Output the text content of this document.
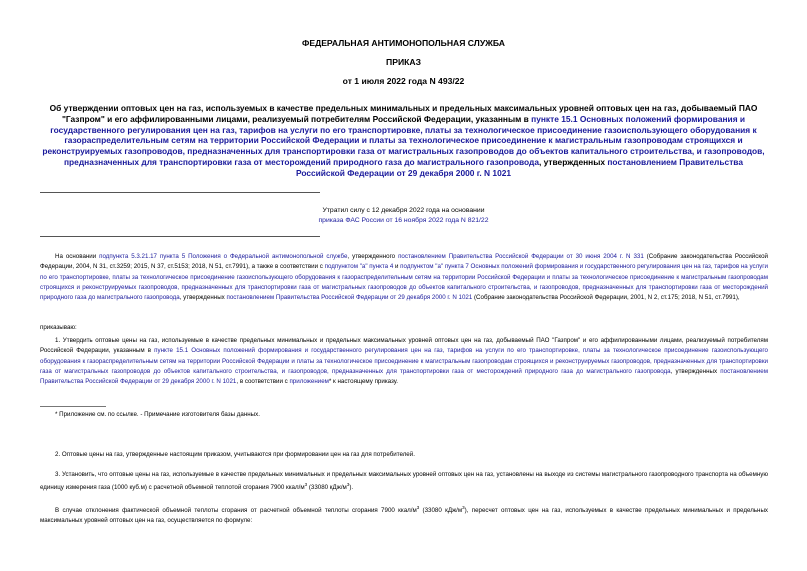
ФЕДЕРАЛЬНАЯ АНТИМОНОПОЛЬНАЯ СЛУЖБА
ПРИКАЗ
от 1 июля 2022 года N 493/22
Об утверждении оптовых цен на газ, используемых в качестве предельных минимальных и предельных максимальных уровней оптовых цен на газ, добываемый ПАО "Газпром" и его аффилированными лицами, реализуемый потребителям Российской Федерации, указанным в пункте 15.1 Основных положений формирования и государственного регулирования цен на газ, тарифов на услуги по его транспортировке, платы за технологическое присоединение газоиспользующего оборудования к газораспределительным сетям на территории Российской Федерации и платы за технологическое присоединение к магистральным газопроводам строящихся и реконструируемых газопроводов, предназначенных для транспортировки газа от магистральных газопроводов до объектов капитального строительства, и газопроводов, предназначенных для транспортировки газа от месторождений природного газа до магистрального газопровода, утвержденных постановлением Правительства Российской Федерации от 29 декабря 2000 г. N 1021
Утратил силу с 12 декабря 2022 года на основании
приказа ФАС России от 16 ноября 2022 года N 821/22
На основании подпункта 5.3.21.17 пункта 5 Положения о Федеральной антимонопольной службе, утвержденного постановлением Правительства Российской Федерации от 30 июня 2004 г. N 331 (Собрание законодательства Российской Федерации, 2004, N 31, ст.3259; 2015, N 37, ст.5153; 2018, N 51, ст.7991), а также в соответствии с подпунктом "а" пункта 4 и подпунктом "а" пункта 7 Основных положений формирования и государственного регулирования цен на газ, тарифов на услуги по его транспортировке, платы за технологическое присоединение газоиспользующего оборудования к газораспределительным сетям на территории Российской Федерации и платы за технологическое присоединение к магистральным газопроводам строящихся и реконструируемых газопроводов, предназначенных для транспортировки газа от магистральных газопроводов до объектов капитального строительства, и газопроводов, предназначенных для транспортировки газа от месторождений природного газа до магистрального газопровода, утвержденных постановлением Правительства Российской Федерации от 29 декабря 2000 г. N 1021 (Собрание законодательства Российской Федерации, 2001, N 2, ст.175; 2018, N 51, ст.7991),
приказываю:
1. Утвердить оптовые цены на газ, используемые в качестве предельных минимальных и предельных максимальных уровней оптовых цен на газ, добываемый ПАО "Газпром" и его аффилированными лицами, реализуемый потребителям Российской Федерации, указанным в пункте 15.1 Основных положений формирования и государственного регулирования цен на газ, тарифов на услуги по его транспортировке, платы за технологическое присоединение газоиспользующего оборудования к газораспределительным сетям на территории Российской Федерации и платы за технологическое присоединение к магистральным газопроводам строящихся и реконструируемых газопроводов, предназначенных для транспортировки газа от магистральных газопроводов до объектов капитального строительства, и газопроводов, предназначенных для транспортировки газа от месторождений природного газа до магистрального газопровода, утвержденных постановлением Правительства Российской Федерации от 29 декабря 2000 г. N 1021, в соответствии с приложением* к настоящему приказу.
* Приложение см. по ссылке. - Примечание изготовителя базы данных.
2. Оптовые цены на газ, утвержденные настоящим приказом, учитываются при формировании цен на газ для потребителей.
3. Установить, что оптовые цены на газ, используемые в качестве предельных минимальных и предельных максимальных уровней оптовых цен на газ, установлены на выходе из системы магистрального газопроводного транспорта на объемную единицу измерения газа (1000 куб.м) с расчетной объемной теплотой сгорания 7900 ккал/$м^3$ (33080 кДж/$м^3$).
В случае отклонения фактической объемной теплоты сгорания от расчетной объемной теплоты сгорания 7900 ккал/$м^3$ (33080 кДж/$м^3$), пересчет оптовых цен на газ, используемых в качестве предельных минимальных и предельных максимальных уровней оптовых цен на газ, осуществляется по формуле:
